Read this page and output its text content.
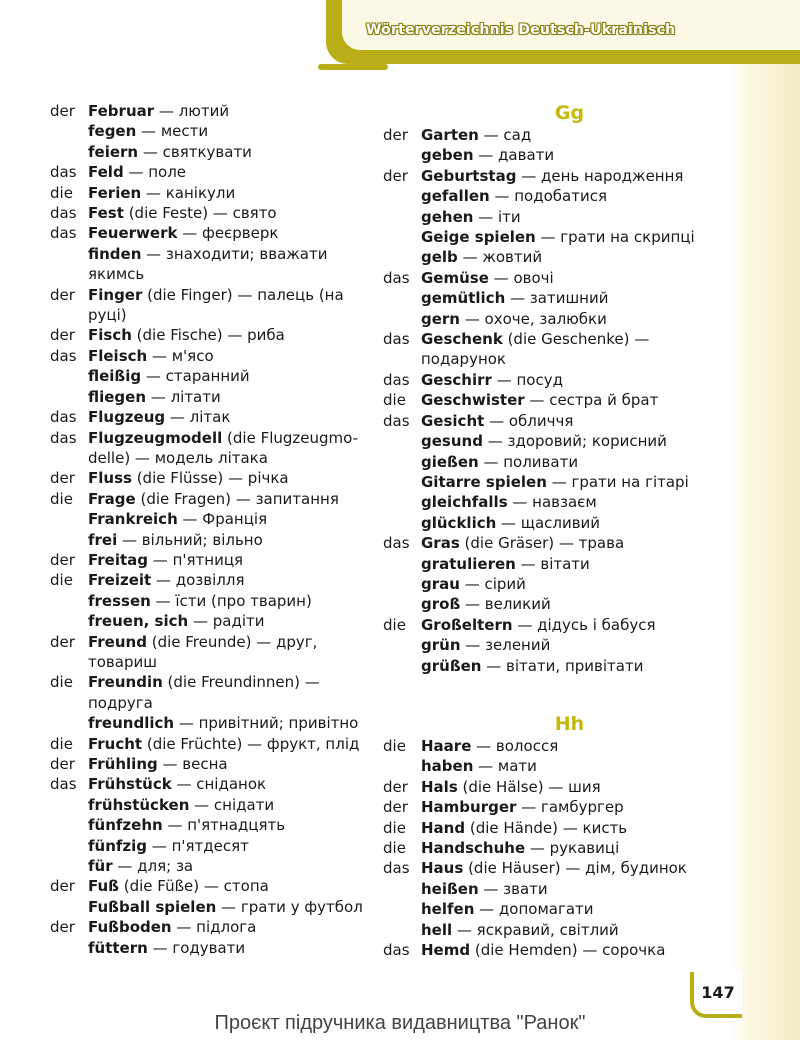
Wörterverzeichnis Deutsch-Ukrainisch
der Februar — лютий
fegen — мести
feiern — святкувати
das Feld — поле
die	Ferien — канікули
das Fest (die Feste) — свято
das Feuerwerk — феєрверк
finden — знаходити; вважати якимсь
der Finger (die Finger) — палець (на руці)
der Fisch (die Fische) — риба
das Fleisch — м'ясо
fleißig — старанний
fliegen — літати
das Flugzeug — літак
das Flugzeugmodell (die Flugzeugmo-delle) — модель літака
der Fluss (die Flüsse) — річка
die	Frage (die Fragen) — запитання
Frankreich — Франція
frei — вільний; вільно
der Freitag — п'ятниця
die	Freizeit — дозвілля
fressen — їсти (про тварин)
freuen, sich — радіти
der Freund (die Freunde) — друг, товариш
die	Freundin (die Freundinnen) — подруга
freundlich — привітний; привітно
die	Frucht (die Früchte) — фрукт, плід
der Frühling — весна
das Frühstück — сніданок
frühstücken — снідати
fünfzehn — п'ятнадцять
fünfzig — п'ятдесят
für — для; за
der Fuß (die Füße) — стопа
Fußball spielen — грати у футбол
der Fußboden — підлога
füttern — годувати
Gg
der Garten — сад
geben — давати
der Geburtstag — день народження
gefallen — подобатися
gehen — іти
Geige spielen — грати на скрипці
gelb — жовтий
das Gemüse — овочі
gemütlich — затишний
gern — охоче, залюбки
das Geschenk (die Geschenke) — подарунок
das Geschirr — посуд
die	Geschwister — сестра й брат
das Gesicht — обличчя
gesund — здоровий; корисний
gießen — поливати
Gitarre spielen — грати на гітарі
gleichfalls — навзаєм
glücklich — щасливий
das Gras (die Gräser) — трава
gratulieren — вітати
grau — сірий
groß — великий
die	Großeltern — дідусь і бабуся
grün — зелений
grüßen — вітати, привітати
Hh
die	Haare — волосся
haben — мати
der Hals (die Hälse) — шия
der Hamburger — гамбургер
die	Hand (die Hände) — кисть
die	Handschuhe — рукавиці
das Haus (die Häuser) — дім, будинок
heißen — звати
helfen — допомагати
hell — яскравий, світлий
das Hemd (die Hemden) — сорочка
147
Проєкт підручника видавництва "Ранок"
